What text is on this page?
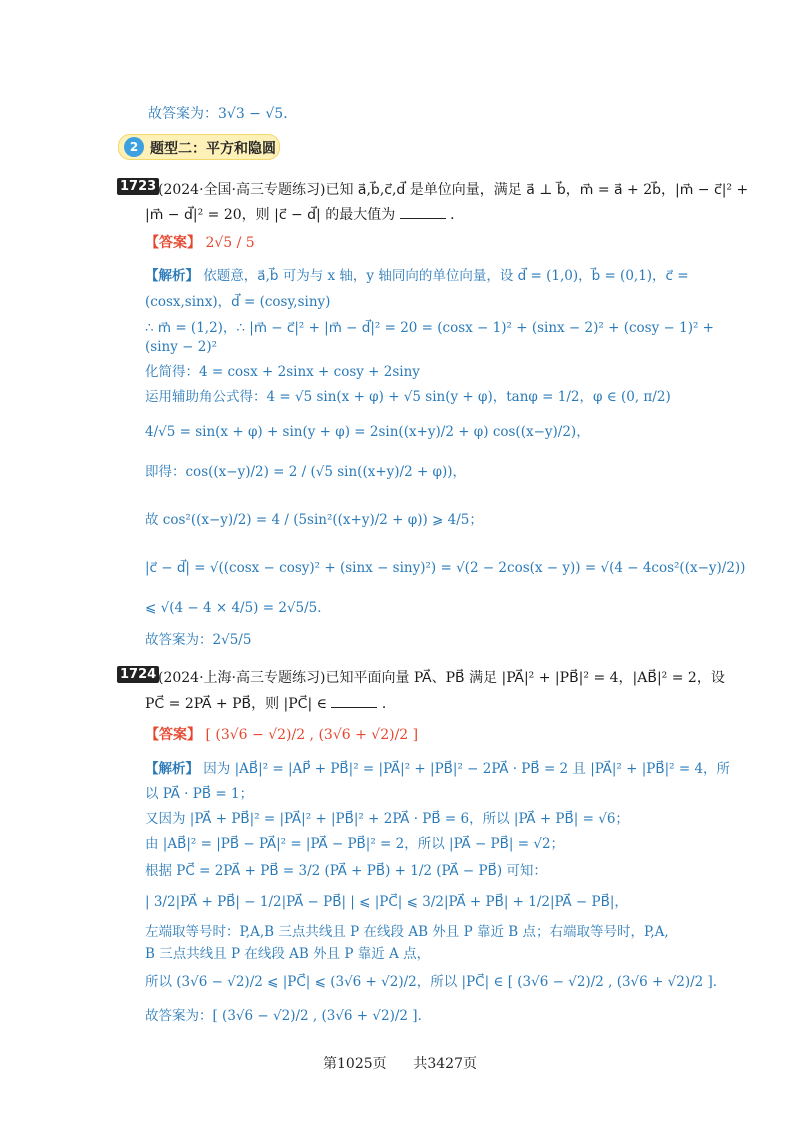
故答案为：3√3 − √5．
2 题型二：平方和隐圆
1723 (2024·全国·高三专题练习)已知 a⃗,b⃗,c⃗,d⃗ 是单位向量，满足 a⃗ ⊥ b⃗，m⃗ = a⃗ + 2b⃗，|m⃗ − c⃗|² +
|m⃗ − d⃗|² = 20，则 |c⃗ − d⃗| 的最大值为	．
【答案】 2√5 / 5
【解析】 依题意，a⃗,b⃗ 可为与 x 轴，y 轴同向的单位向量，设 d⃗ = (1,0)，b⃗ = (0,1)，c⃗ =
(cosx,sinx)，d⃗ = (cosy,siny)
∴ m⃗ = (1,2)，∴ |m⃗ − c⃗|² + |m⃗ − d⃗|² = 20 = (cosx − 1)² + (sinx − 2)² + (cosy − 1)² +
(siny − 2)²
化简得：4 = cosx + 2sinx + cosy + 2siny
运用辅助角公式得：4 = √5 sin(x + φ) + √5 sin(y + φ)，tanφ = 1/2，φ ∈ (0, π/2)
4/√5 = sin(x + φ) + sin(y + φ) = 2sin((x+y)/2 + φ) cos((x−y)/2)，
即得：cos((x−y)/2) = 2 / (√5 sin((x+y)/2 + φ))，
故 cos²((x−y)/2) = 4 / (5sin²((x+y)/2 + φ)) ⩾ 4/5；
|c⃗ − d⃗| = √((cosx − cosy)² + (sinx − siny)²) = √(2 − 2cos(x − y)) = √(4 − 4cos²((x−y)/2))
⩽ √(4 − 4 × 4/5) = 2√5/5．
故答案为：2√5/5
1724 (2024·上海·高三专题练习)已知平面向量 PA⃗、PB⃗ 满足 |PA⃗|² + |PB⃗|² = 4，|AB⃗|² = 2，设
PC⃗ = 2PA⃗ + PB⃗，则 |PC⃗| ∈	．
【答案】 [ (3√6 − √2)/2 , (3√6 + √2)/2 ]
【解析】 因为 |AB⃗|² = |AP⃗ + PB⃗|² = |PA⃗|² + |PB⃗|² − 2PA⃗ · PB⃗ = 2 且 |PA⃗|² + |PB⃗|² = 4，所
以 PA⃗ · PB⃗ = 1；
又因为 |PA⃗ + PB⃗|² = |PA⃗|² + |PB⃗|² + 2PA⃗ · PB⃗ = 6，所以 |PA⃗ + PB⃗| = √6；
由 |AB⃗|² = |PB⃗ − PA⃗|² = |PA⃗ − PB⃗|² = 2，所以 |PA⃗ − PB⃗| = √2；
根据 PC⃗ = 2PA⃗ + PB⃗ = 3/2 (PA⃗ + PB⃗) + 1/2 (PA⃗ − PB⃗) 可知：
| 3/2|PA⃗ + PB⃗| − 1/2|PA⃗ − PB⃗| | ⩽ |PC⃗| ⩽ 3/2|PA⃗ + PB⃗| + 1/2|PA⃗ − PB⃗|，
左端取等号时：P,A,B 三点共线且 P 在线段 AB 外且 P 靠近 B 点；右端取等号时，P,A,
B 三点共线且 P 在线段 AB 外且 P 靠近 A 点，
所以 (3√6 − √2)/2 ⩽ |PC⃗| ⩽ (3√6 + √2)/2，所以 |PC⃗| ∈ [ (3√6 − √2)/2 , (3√6 + √2)/2 ]．
故答案为：[ (3√6 − √2)/2 , (3√6 + √2)/2 ]．
第1025页 共3427页
